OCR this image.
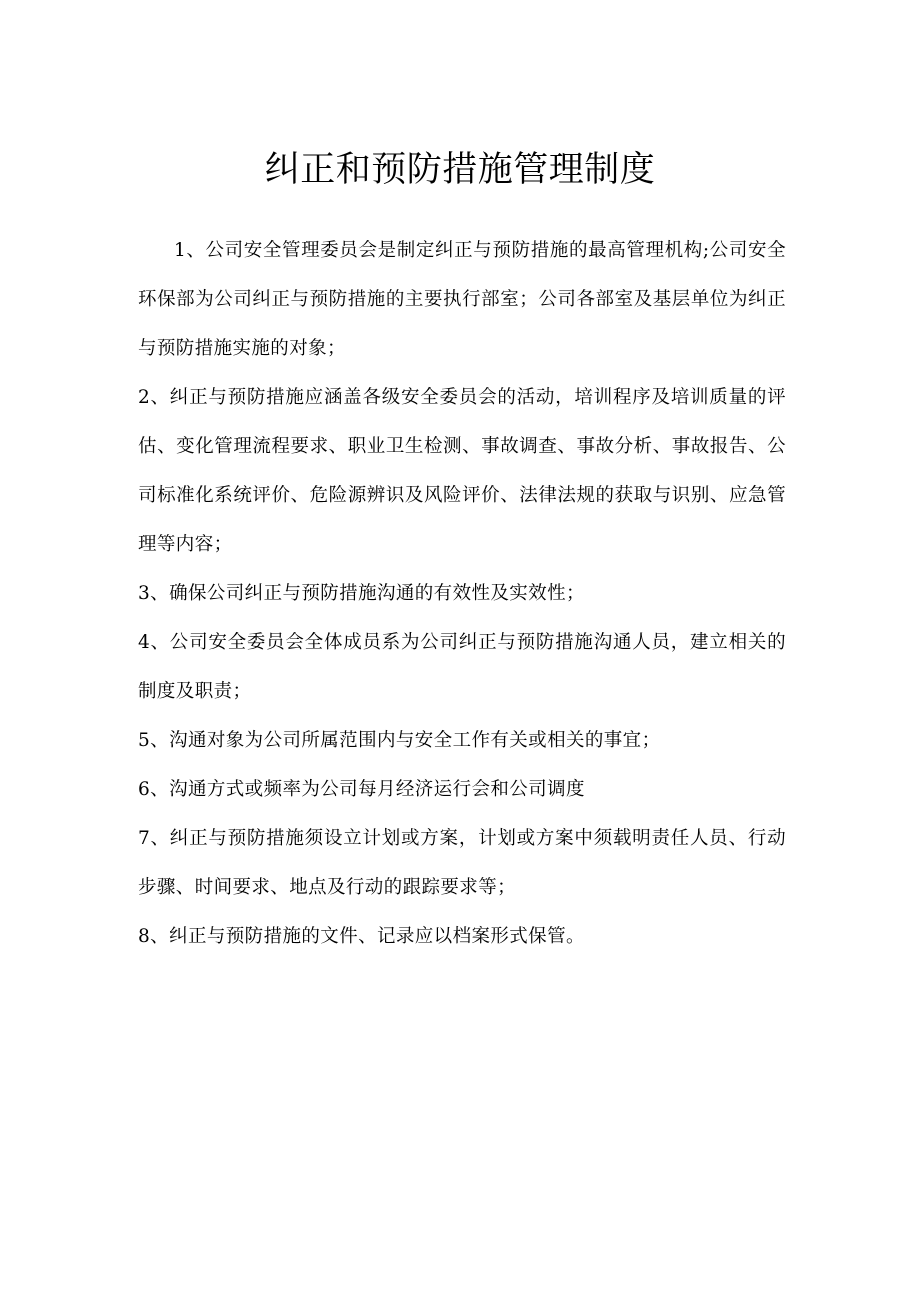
纠正和预防措施管理制度

1、公司安全管理委员会是制定纠正与预防措施的最高管理机构;公司安全环保部为公司纠正与预防措施的主要执行部室；公司各部室及基层单位为纠正与预防措施实施的对象；

2、纠正与预防措施应涵盖各级安全委员会的活动，培训程序及培训质量的评估、变化管理流程要求、职业卫生检测、事故调查、事故分析、事故报告、公司标准化系统评价、危险源辨识及风险评价、法律法规的获取与识别、应急管理等内容；

3、确保公司纠正与预防措施沟通的有效性及实效性；

4、公司安全委员会全体成员系为公司纠正与预防措施沟通人员，建立相关的制度及职责；

5、沟通对象为公司所属范围内与安全工作有关或相关的事宜；

6、沟通方式或频率为公司每月经济运行会和公司调度

7、纠正与预防措施须设立计划或方案，计划或方案中须载明责任人员、行动步骤、时间要求、地点及行动的跟踪要求等；

8、纠正与预防措施的文件、记录应以档案形式保管。
